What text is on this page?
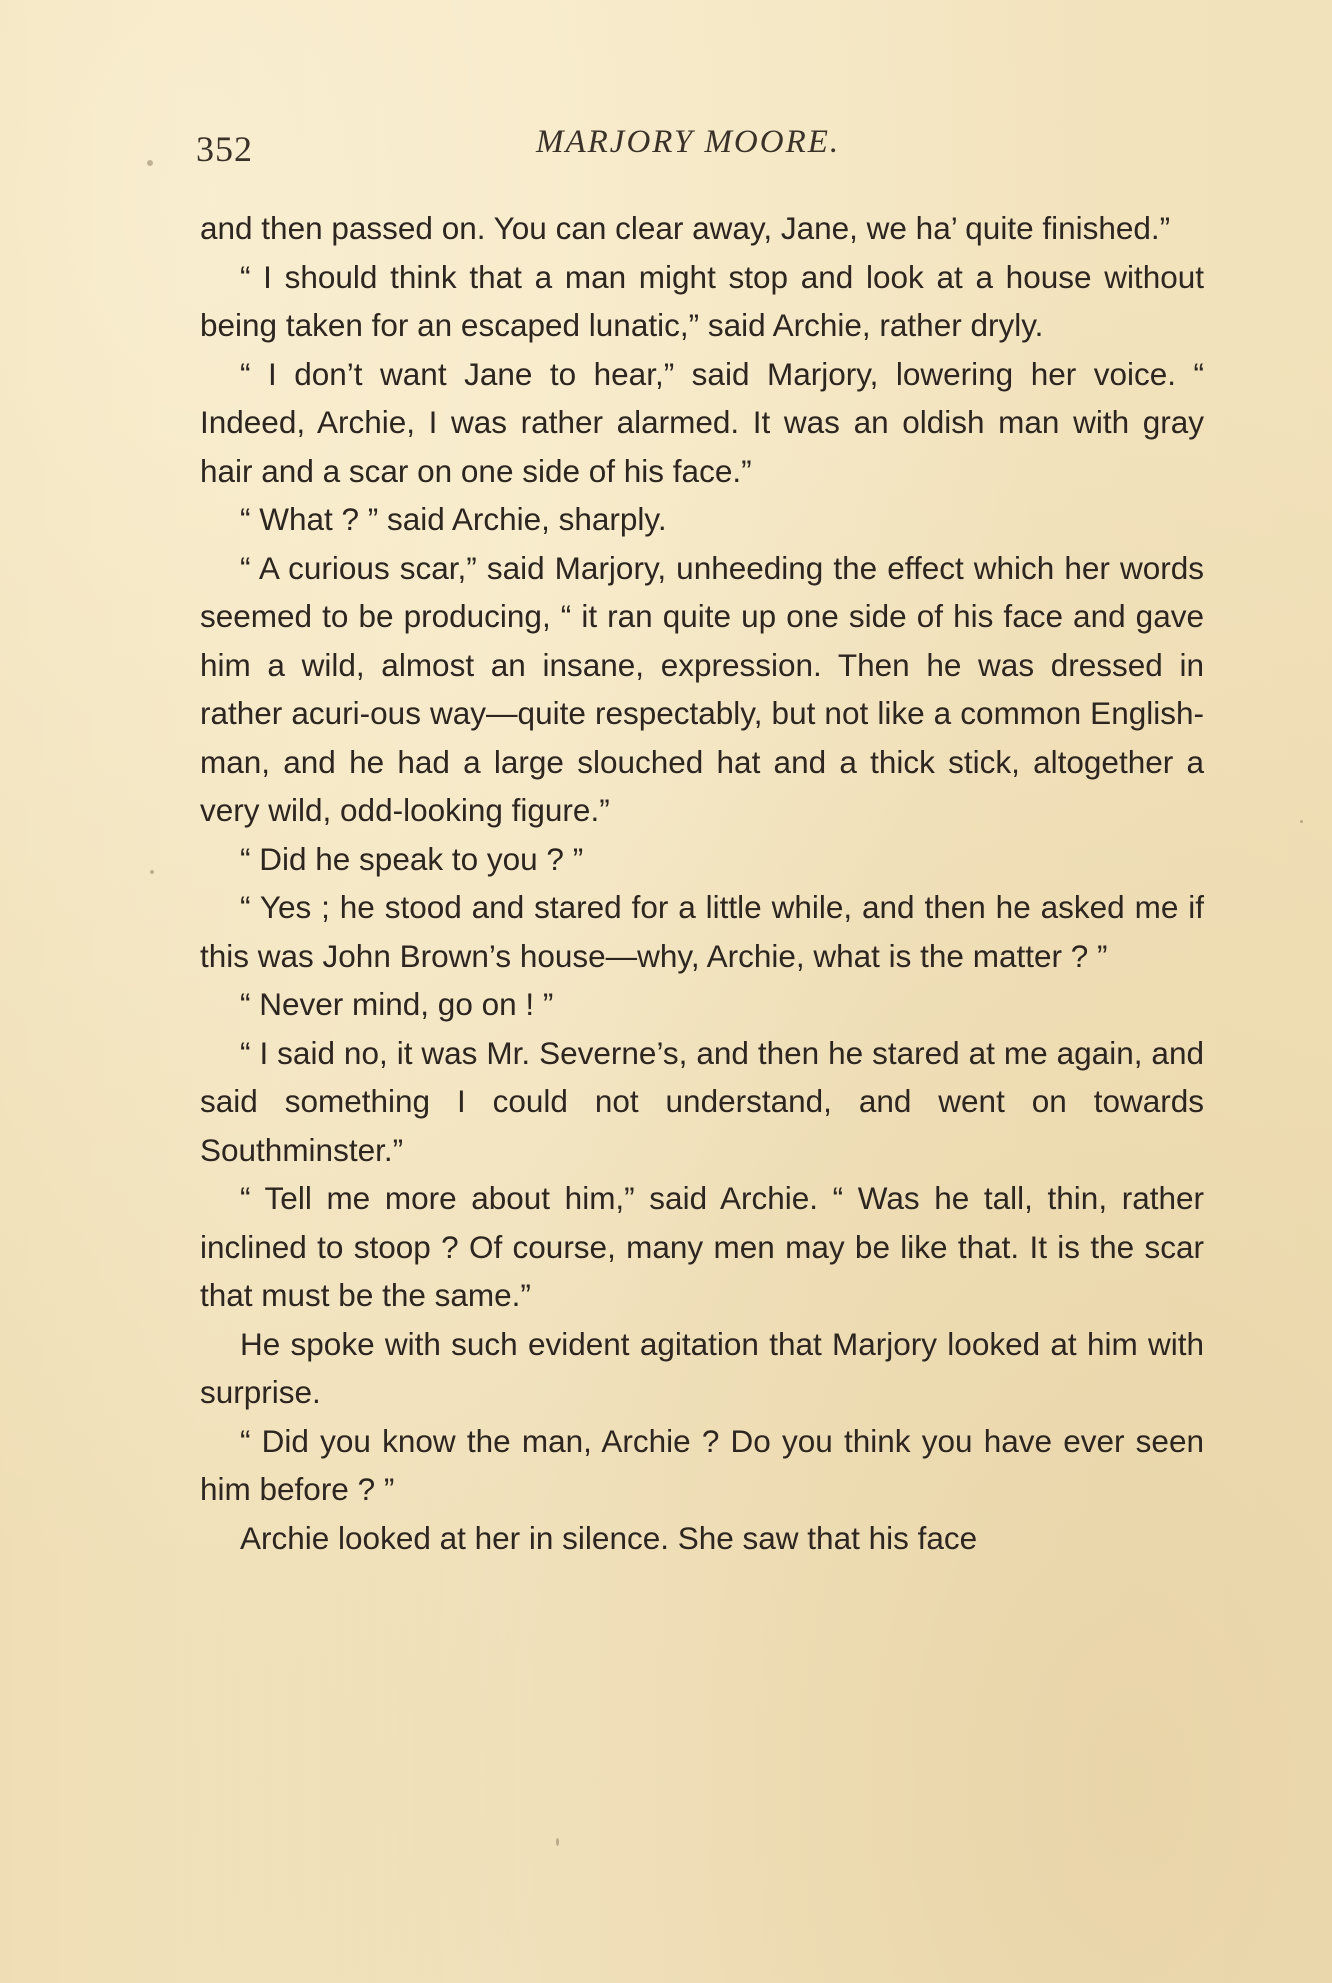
352	MARJORY MOORE.

and then passed on. You can clear away, Jane, we ha’ quite finished.”

“ I should think that a man might stop and look at a house without being taken for an escaped lunatic,” said Archie, rather dryly.

“ I don’t want Jane to hear,” said Marjory, lowering her voice. “ Indeed, Archie, I was rather alarmed. It was an oldish man with gray hair and a scar on one side of his face.”

“ What ? ” said Archie, sharply.

“ A curious scar,” said Marjory, unheeding the effect which her words seemed to be producing, “ it ran quite up one side of his face and gave him a wild, almost an insane, expression. Then he was dressed in rather acuri-ous way—quite respectably, but not like a common English-man, and he had a large slouched hat and a thick stick, altogether a very wild, odd-looking figure.”

“ Did he speak to you ? ”

“ Yes ; he stood and stared for a little while, and then he asked me if this was John Brown’s house—why, Archie, what is the matter ? ”

“ Never mind, go on ! ”

“ I said no, it was Mr. Severne’s, and then he stared at me again, and said something I could not understand, and went on towards Southminster.”

“ Tell me more about him,” said Archie. “ Was he tall, thin, rather inclined to stoop ? Of course, many men may be like that. It is the scar that must be the same.”

He spoke with such evident agitation that Marjory looked at him with surprise.

“ Did you know the man, Archie ? Do you think you have ever seen him before ? ”

Archie looked at her in silence. She saw that his face
